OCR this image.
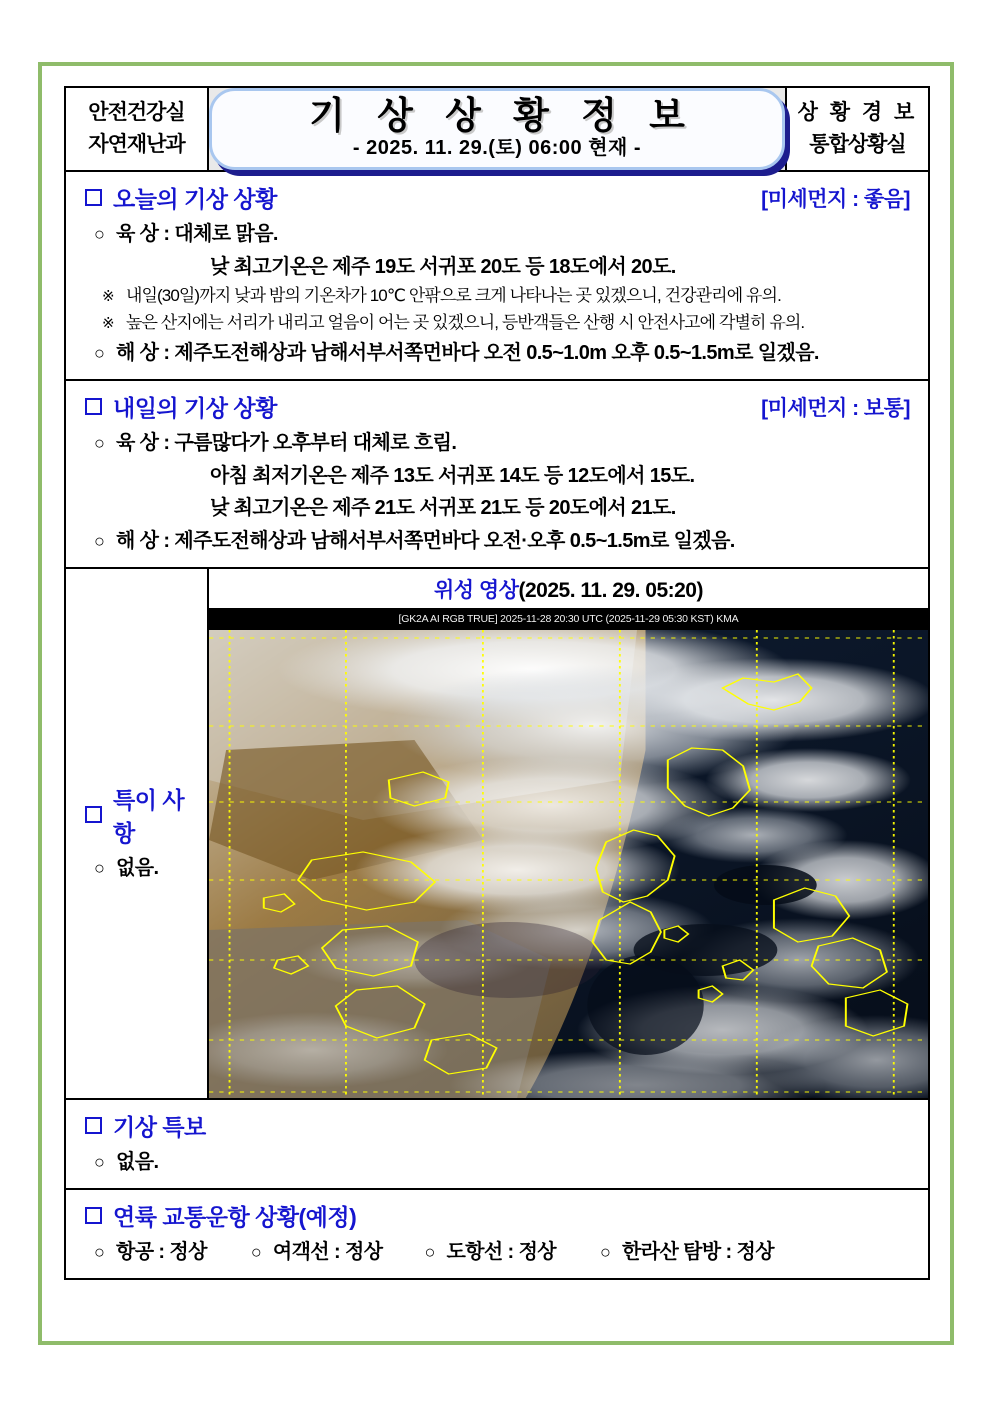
안전건강실
자연재난과

기 상 상 황 정 보
- 2025. 11. 29.(토) 06:00 현재 -

상 황 경 보
통합상황실

오늘의 기상 상황	[미세먼지 : 좋음]
○ 육 상 : 대체로 맑음.
낮 최고기온은 제주 19도 서귀포 20도 등 18도에서 20도.
※ 내일(30일)까지 낮과 밤의 기온차가 10℃ 안팎으로 크게 나타나는 곳 있겠으니, 건강관리에 유의.
※ 높은 산지에는 서리가 내리고 얼음이 어는 곳 있겠으니, 등반객들은 산행 시 안전사고에 각별히 유의.
○ 해 상 : 제주도전해상과 남해서부서쪽먼바다 오전 0.5~1.0m 오후 0.5~1.5m로 일겠음.

내일의 기상 상황	[미세먼지 : 보통]
○ 육 상 : 구름많다가 오후부터 대체로 흐림.
아침 최저기온은 제주 13도 서귀포 14도 등 12도에서 15도.
낮 최고기온은 제주 21도 서귀포 21도 등 20도에서 21도.
○ 해 상 : 제주도전해상과 남해서부서쪽먼바다 오전·오후 0.5~1.5m로 일겠음.

특이 사항
○ 없음.

위성 영상(2025. 11. 29. 05:20)
[GK2A AI RGB TRUE] 2025-11-28 20:30 UTC (2025-11-29 05:30 KST) KMA

기상 특보
○ 없음.		

연륙 교통운항 상황(예정)
○ 항공 : 정상 ○ 여객선 : 정상 ○ 도항선 : 정상 ○ 한라산 탐방 : 정상
